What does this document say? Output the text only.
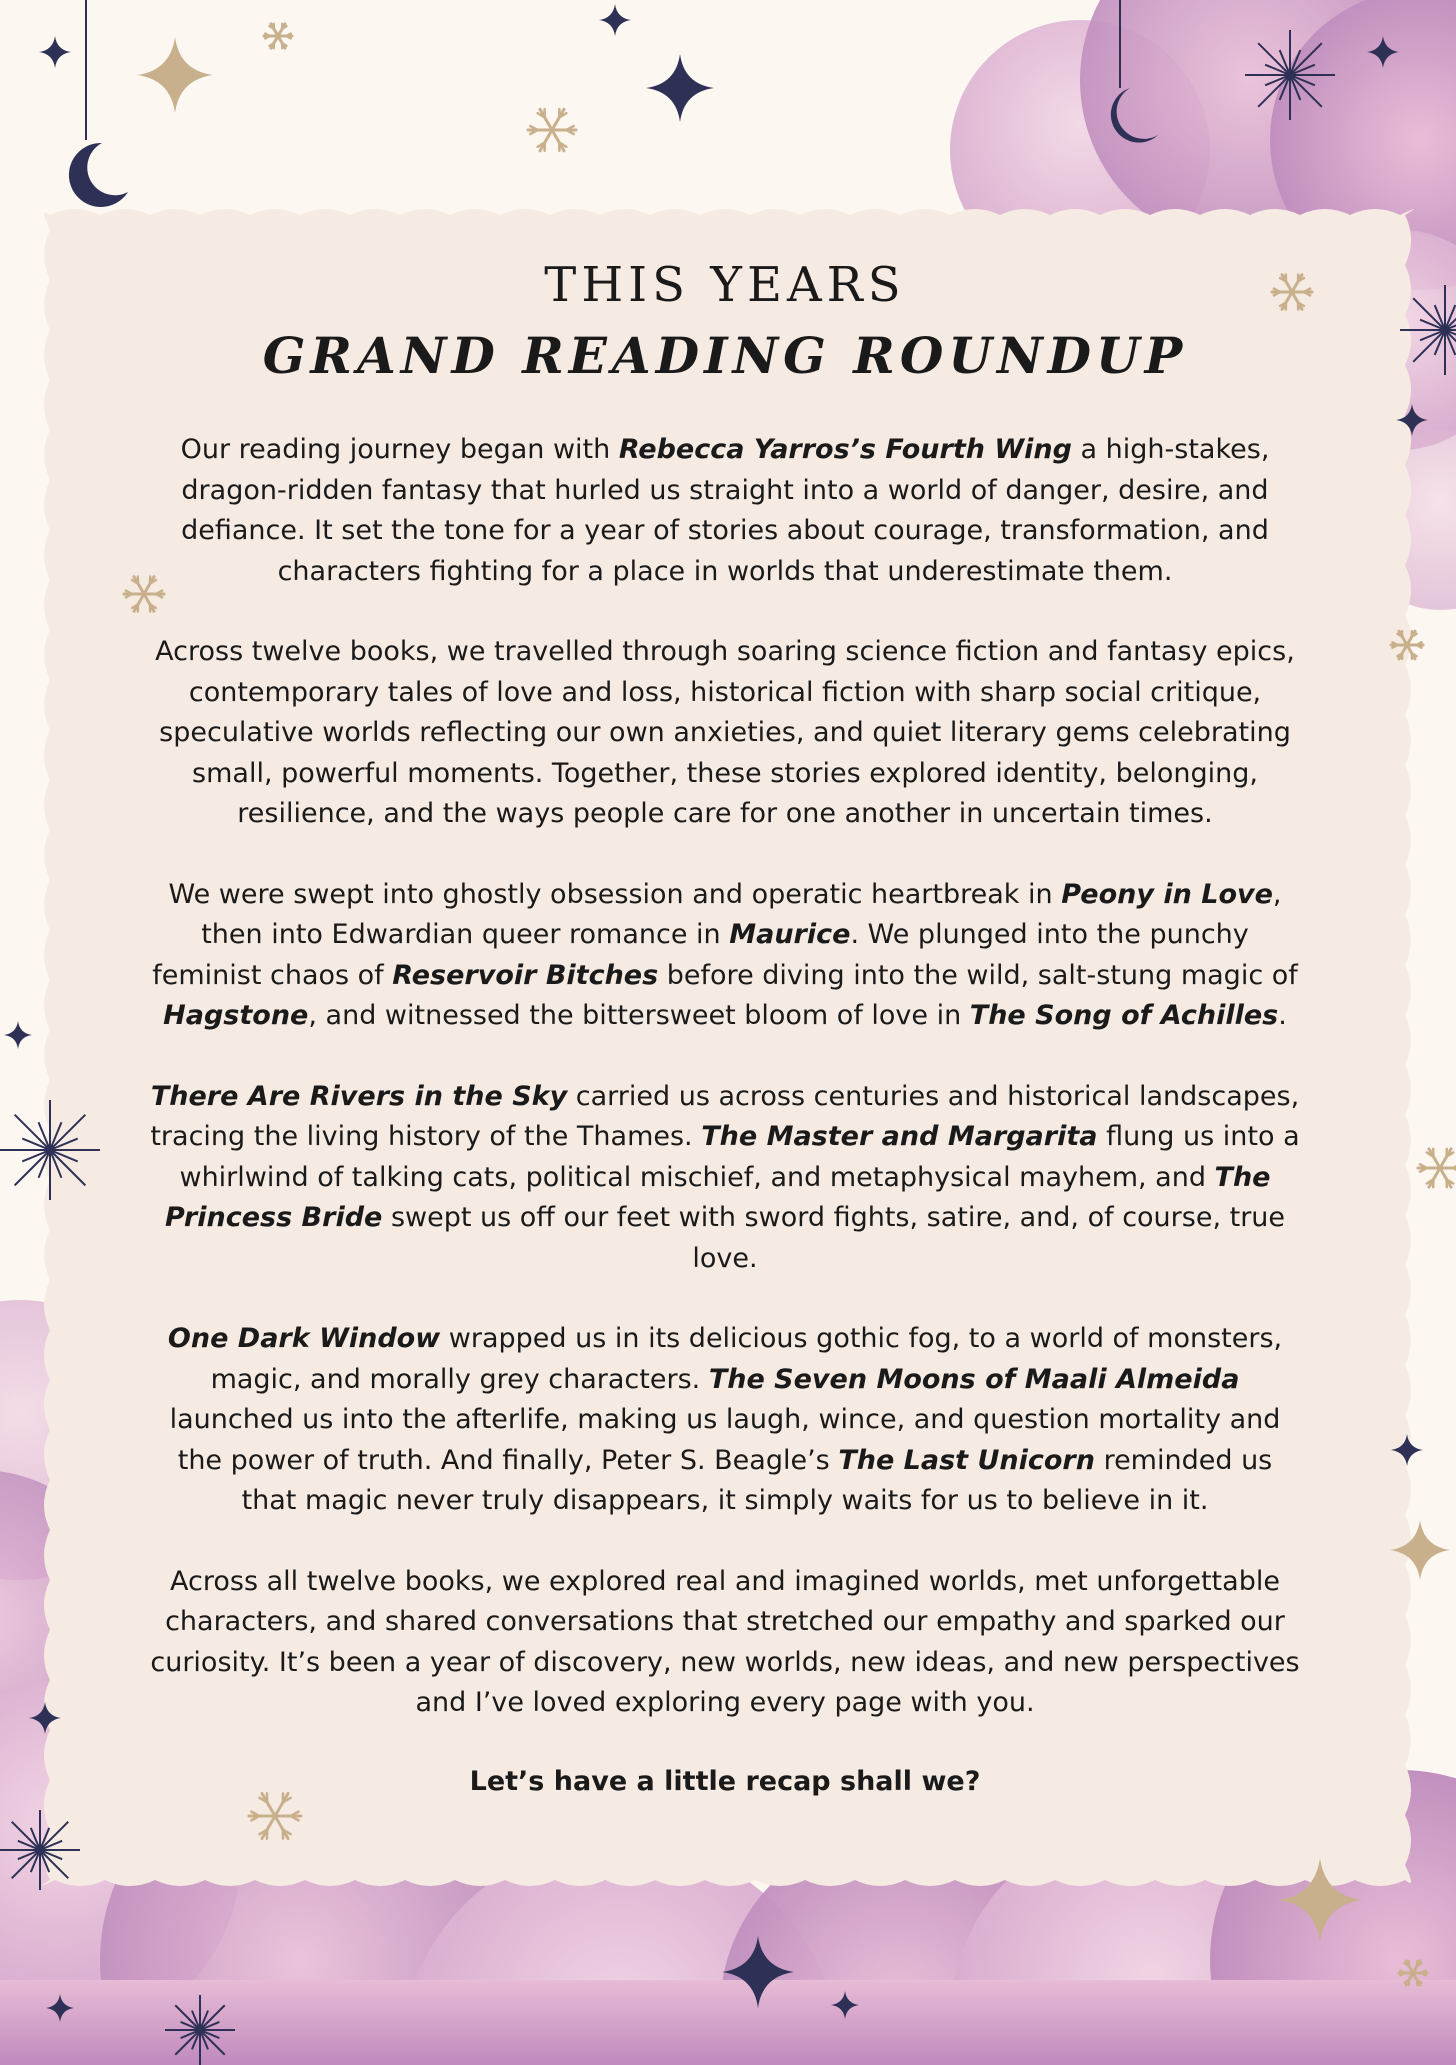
THIS YEARS
GRAND READING ROUNDUP

Our reading journey began with Rebecca Yarros’s Fourth Wing a high-stakes, dragon-ridden fantasy that hurled us straight into a world of danger, desire, and defiance. It set the tone for a year of stories about courage, transformation, and characters fighting for a place in worlds that underestimate them.

Across twelve books, we travelled through soaring science fiction and fantasy epics, contemporary tales of love and loss, historical fiction with sharp social critique, speculative worlds reflecting our own anxieties, and quiet literary gems celebrating small, powerful moments. Together, these stories explored identity, belonging, resilience, and the ways people care for one another in uncertain times.

We were swept into ghostly obsession and operatic heartbreak in Peony in Love, then into Edwardian queer romance in Maurice. We plunged into the punchy feminist chaos of Reservoir Bitches before diving into the wild, salt-stung magic of Hagstone, and witnessed the bittersweet bloom of love in The Song of Achilles.

There Are Rivers in the Sky carried us across centuries and historical landscapes, tracing the living history of the Thames. The Master and Margarita flung us into a whirlwind of talking cats, political mischief, and metaphysical mayhem, and The Princess Bride swept us off our feet with sword fights, satire, and, of course, true love.

One Dark Window wrapped us in its delicious gothic fog, to a world of monsters, magic, and morally grey characters. The Seven Moons of Maali Almeida launched us into the afterlife, making us laugh, wince, and question mortality and the power of truth. And finally, Peter S. Beagle’s The Last Unicorn reminded us that magic never truly disappears, it simply waits for us to believe in it.

Across all twelve books, we explored real and imagined worlds, met unforgettable characters, and shared conversations that stretched our empathy and sparked our curiosity. It’s been a year of discovery, new worlds, new ideas, and new perspectives and I’ve loved exploring every page with you.

Let’s have a little recap shall we?
